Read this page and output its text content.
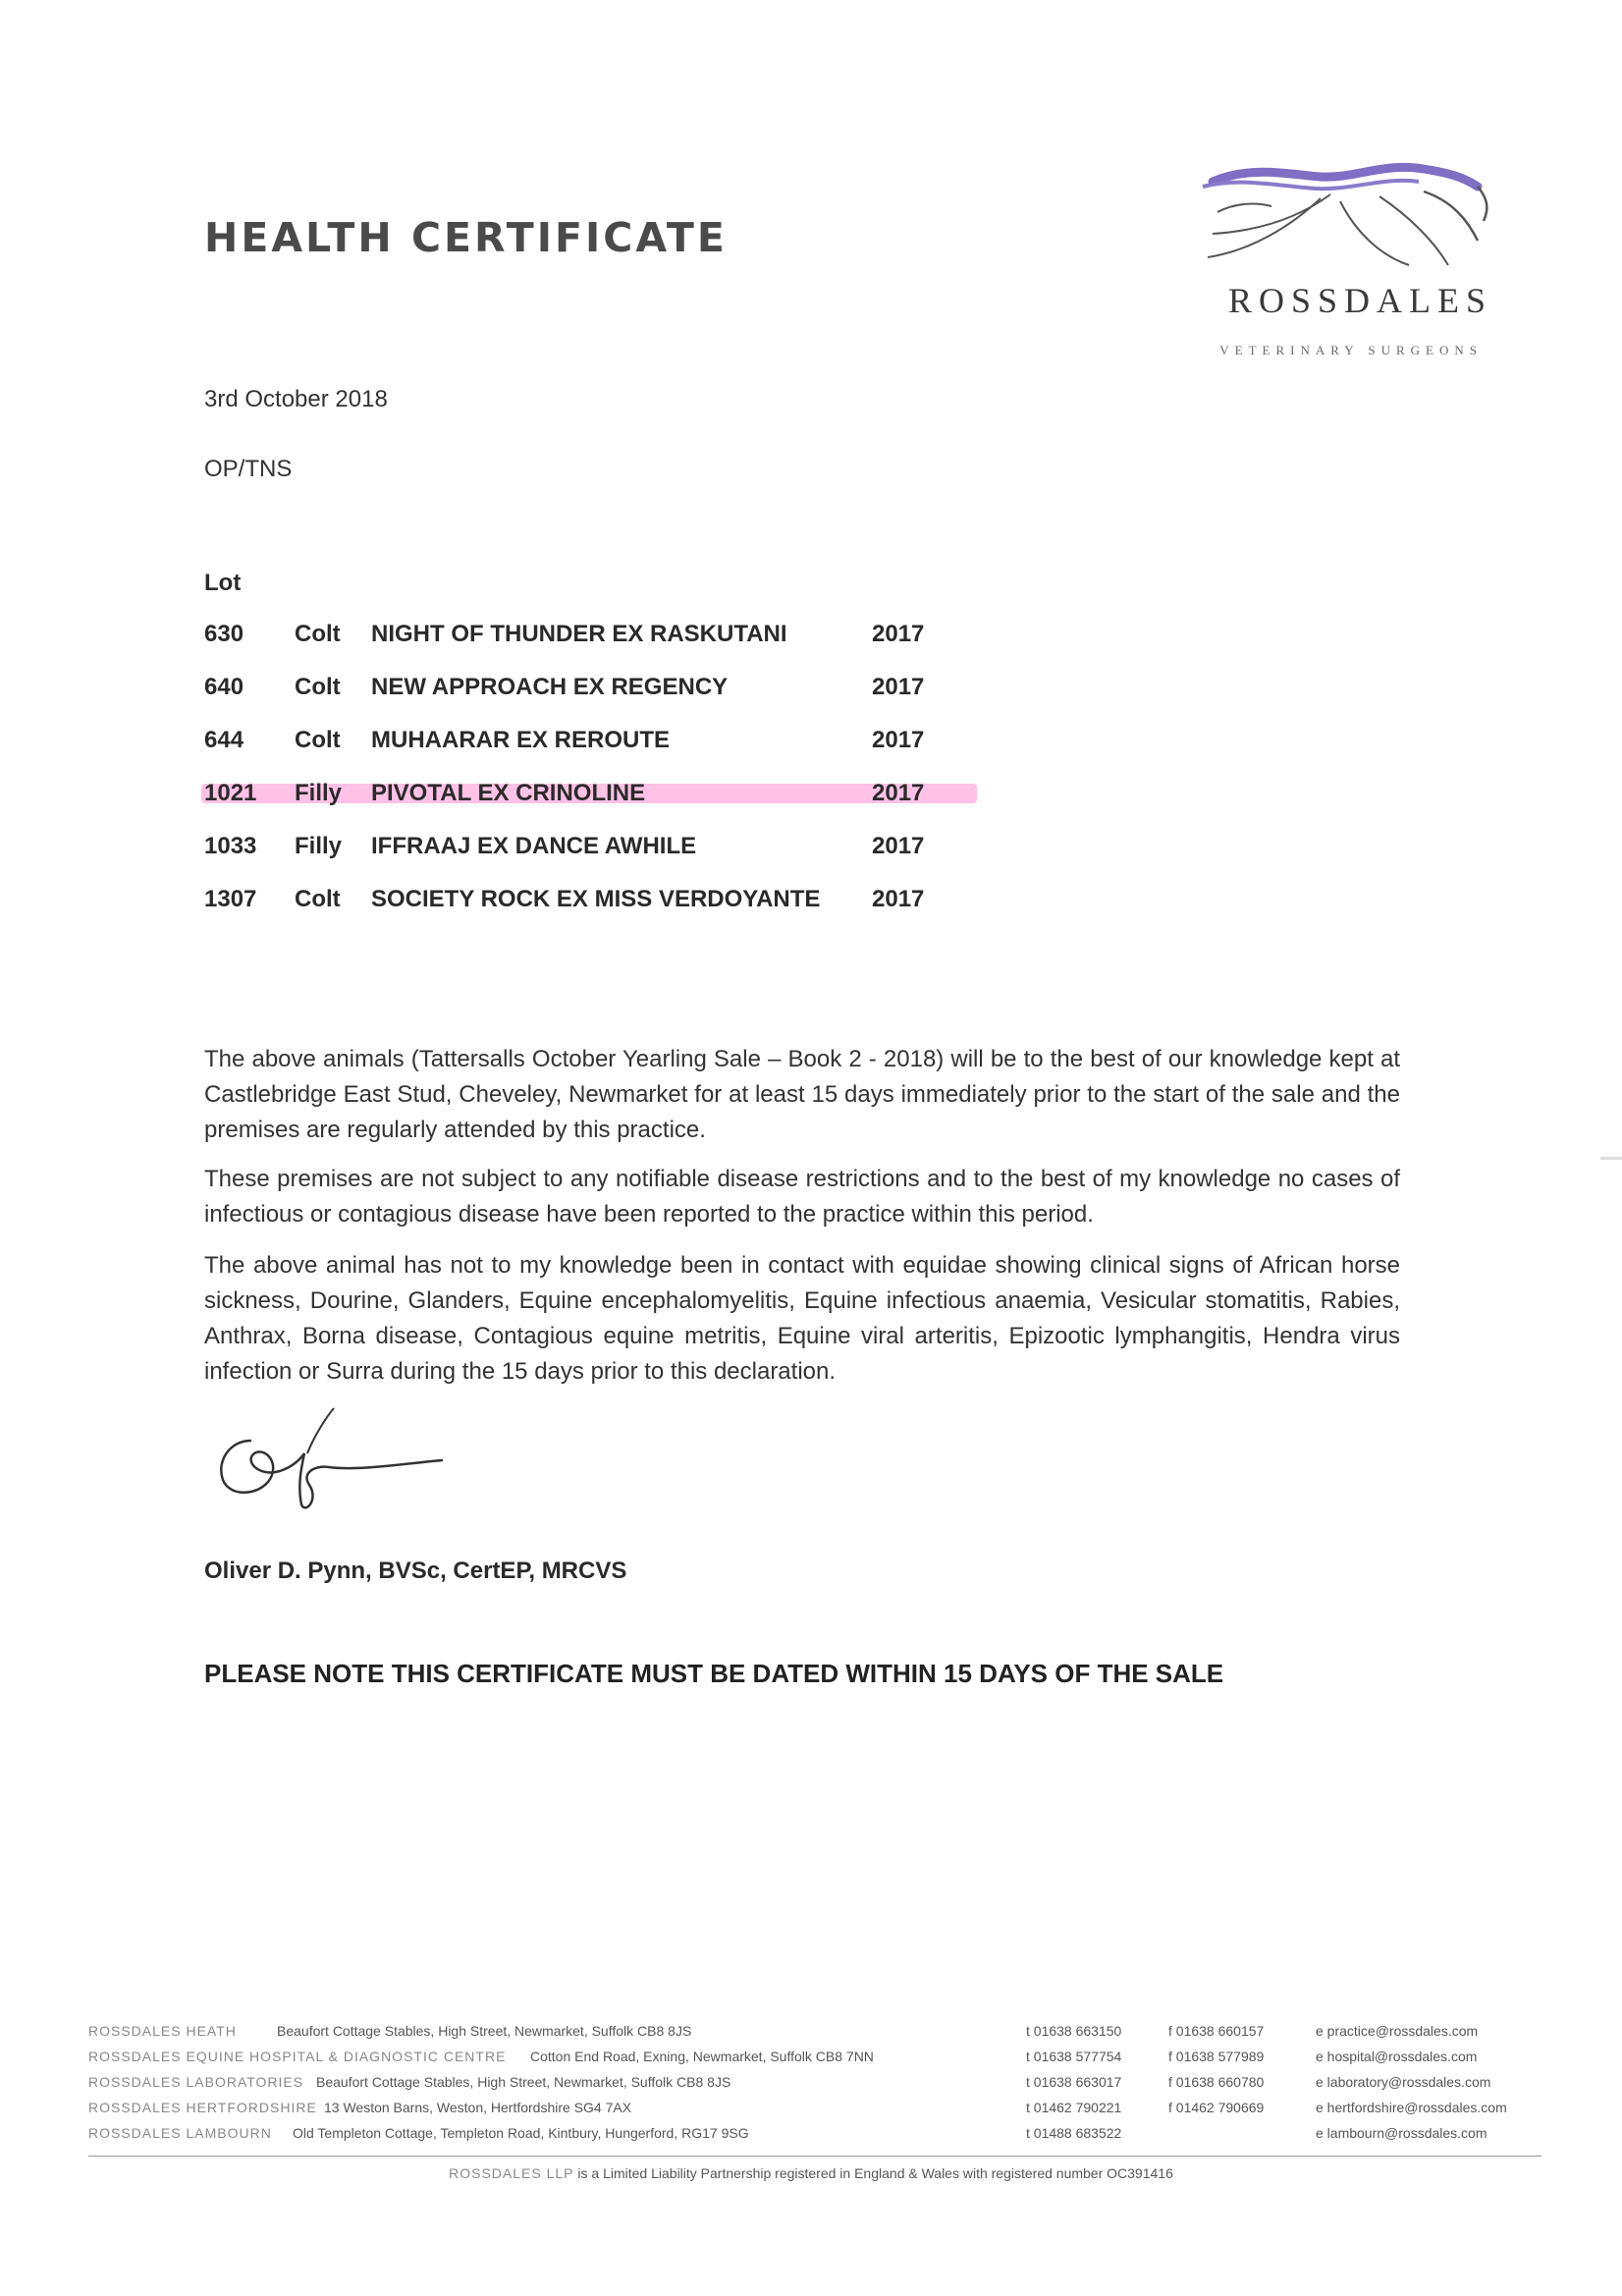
HEALTH CERTIFICATE
ROSSDALES
VETERINARY SURGEONS
3rd October 2018
OP/TNS
Lot
630 Colt NIGHT OF THUNDER EX RASKUTANI	2017
640 Colt NEW APPROACH EX REGENCY	2017
644 Colt MUHAARAR EX REROUTE	2017
1021 Filly PIVOTAL EX CRINOLINE	2017
1033 Filly IFFRAAJ EX DANCE AWHILE	2017
1307 Colt SOCIETY ROCK EX MISS VERDOYANTE 2017
The above animals (Tattersalls October Yearling Sale – Book 2 - 2018) will be to the best of our knowledge kept at Castlebridge East Stud, Cheveley, Newmarket for at least 15 days immediately prior to the start of the sale and the premises are regularly attended by this practice.
These premises are not subject to any notifiable disease restrictions and to the best of my knowledge no cases of infectious or contagious disease have been reported to the practice within this period.
The above animal has not to my knowledge been in contact with equidae showing clinical signs of African horse sickness, Dourine, Glanders, Equine encephalomyelitis, Equine infectious anaemia, Vesicular stomatitis, Rabies, Anthrax, Borna disease, Contagious equine metritis, Equine viral arteritis, Epizootic lymphangitis, Hendra virus infection or Surra during the 15 days prior to this declaration.
Oliver D. Pynn, BVSc, CertEP, MRCVS
PLEASE NOTE THIS CERTIFICATE MUST BE DATED WITHIN 15 DAYS OF THE SALE
ROSSDALES HEATH	Beaufort Cottage Stables, High Street, Newmarket, Suffolk CB8 8JS	t 01638 663150	f 01638 660157	e practice@rossdales.com
ROSSDALES EQUINE HOSPITAL & DIAGNOSTIC CENTRE Cotton End Road, Exning, Newmarket, Suffolk CB8 7NN	t 01638 577754	f 01638 577989	e hospital@rossdales.com
ROSSDALES LABORATORIES Beaufort Cottage Stables, High Street, Newmarket, Suffolk CB8 8JS	t 01638 663017	f 01638 660780	e laboratory@rossdales.com
ROSSDALES HERTFORDSHIRE 13 Weston Barns, Weston, Hertfordshire SG4 7AX	t 01462 790221	f 01462 790669	e hertfordshire@rossdales.com
ROSSDALES LAMBOURN Old Templeton Cottage, Templeton Road, Kintbury, Hungerford, RG17 9SG	t 01488 683522	e lambourn@rossdales.com
ROSSDALES LLP is a Limited Liability Partnership registered in England & Wales with registered number OC391416
